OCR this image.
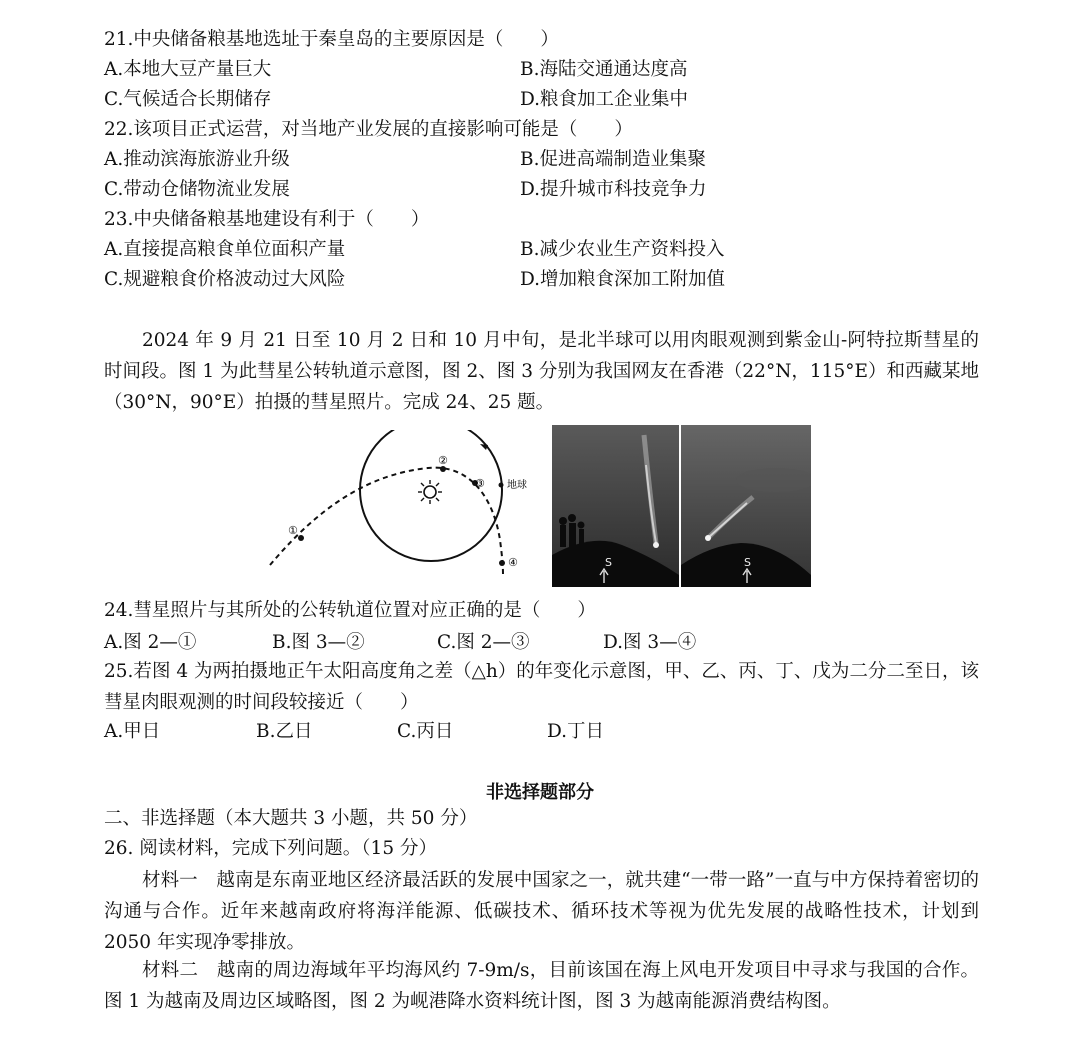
21.中央储备粮基地选址于秦皇岛的主要原因是（　　）
A.本地大豆产量巨大	B.海陆交通通达度高
C.气候适合长期储存	D.粮食加工企业集中
22.该项目正式运营，对当地产业发展的直接影响可能是（　　）
A.推动滨海旅游业升级	B.促进高端制造业集聚
C.带动仓储物流业发展	D.提升城市科技竞争力
23.中央储备粮基地建设有利于（　　）
A.直接提高粮食单位面积产量	B.减少农业生产资料投入
C.规避粮食价格波动过大风险	D.增加粮食深加工附加值
2024 年 9 月 21 日至 10 月 2 日和 10 月中旬，是北半球可以用肉眼观测到紫金山-阿特拉斯彗星的时间段。图 1 为此彗星公转轨道示意图，图 2、图 3 分别为我国网友在香港（22°N，115°E）和西藏某地（30°N，90°E）拍摄的彗星照片。完成 24、25 题。
①
②
③
④
地球
S	S
24.彗星照片与其所处的公转轨道位置对应正确的是（　　）
A.图 2—①	B.图 3—②	C.图 2—③	D.图 3—④
25.若图 4 为两拍摄地正午太阳高度角之差（△h）的年变化示意图，甲、乙、丙、丁、戊为二分二至日，该彗星肉眼观测的时间段较接近（　　）
A.甲日	B.乙日	C.丙日	D.丁日
非选择题部分
二、非选择题（本大题共 3 小题，共 50 分）
26. 阅读材料，完成下列问题。（15 分）
材料一　越南是东南亚地区经济最活跃的发展中国家之一，就共建“一带一路”一直与中方保持着密切的沟通与合作。近年来越南政府将海洋能源、低碳技术、循环技术等视为优先发展的战略性技术，计划到 2050 年实现净零排放。
材料二　越南的周边海域年平均海风约 7-9m/s，目前该国在海上风电开发项目中寻求与我国的合作。图 1 为越南及周边区域略图，图 2 为岘港降水资料统计图，图 3 为越南能源消费结构图。
